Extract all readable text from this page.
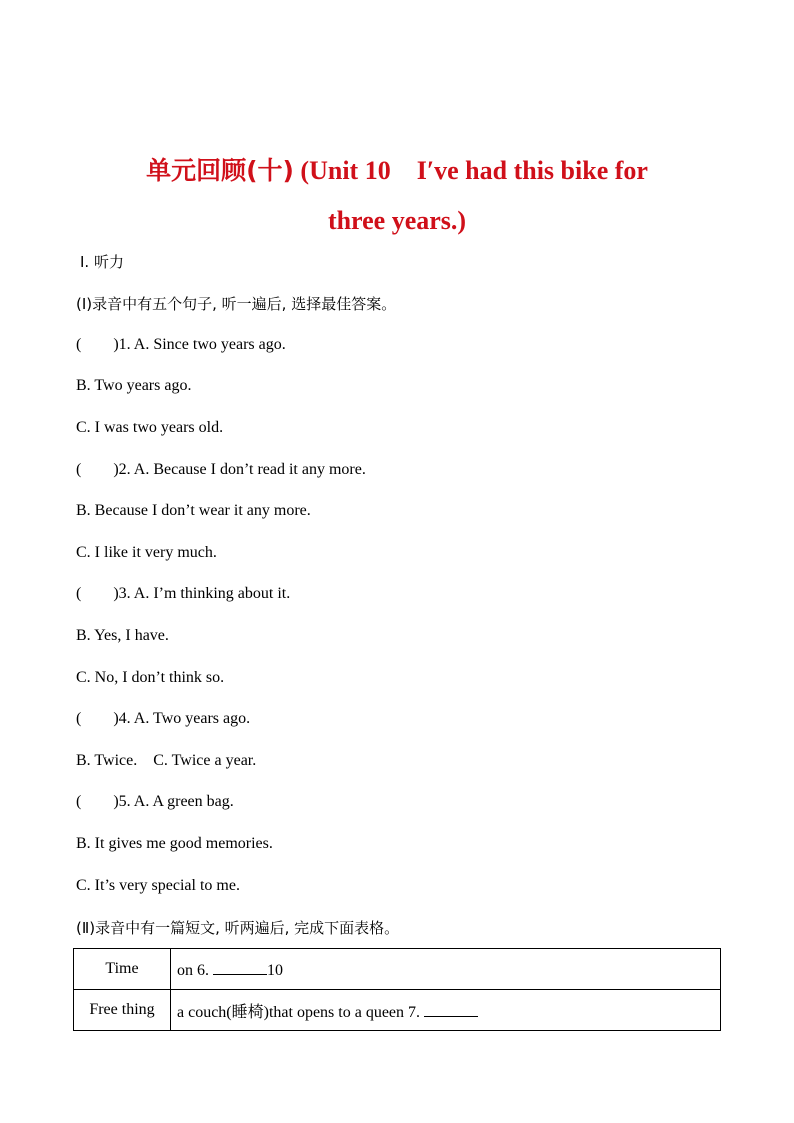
单元回顾(十) (Unit 10　I′ve had this bike for
three years.)
Ⅰ. 听力
(Ⅰ)录音中有五个句子, 听一遍后, 选择最佳答案。
(　　)1. A. Since two years ago.
B. Two years ago.
C. I was two years old.
(　　)2. A. Because I don’t read it any more.
B. Because I don’t wear it any more.
C. I like it very much.
(　　)3. A. I’m thinking about it.
B. Yes, I have.
C. No, I don’t think so.
(　　)4. A. Two years ago.
B. Twice.　C. Twice a year.
(　　)5. A. A green bag.
B. It gives me good memories.
C. It’s very special to me.
(Ⅱ)录音中有一篇短文, 听两遍后, 完成下面表格。
Time	on 6. 10
Free thing	a couch(睡椅)that opens to a queen 7.
